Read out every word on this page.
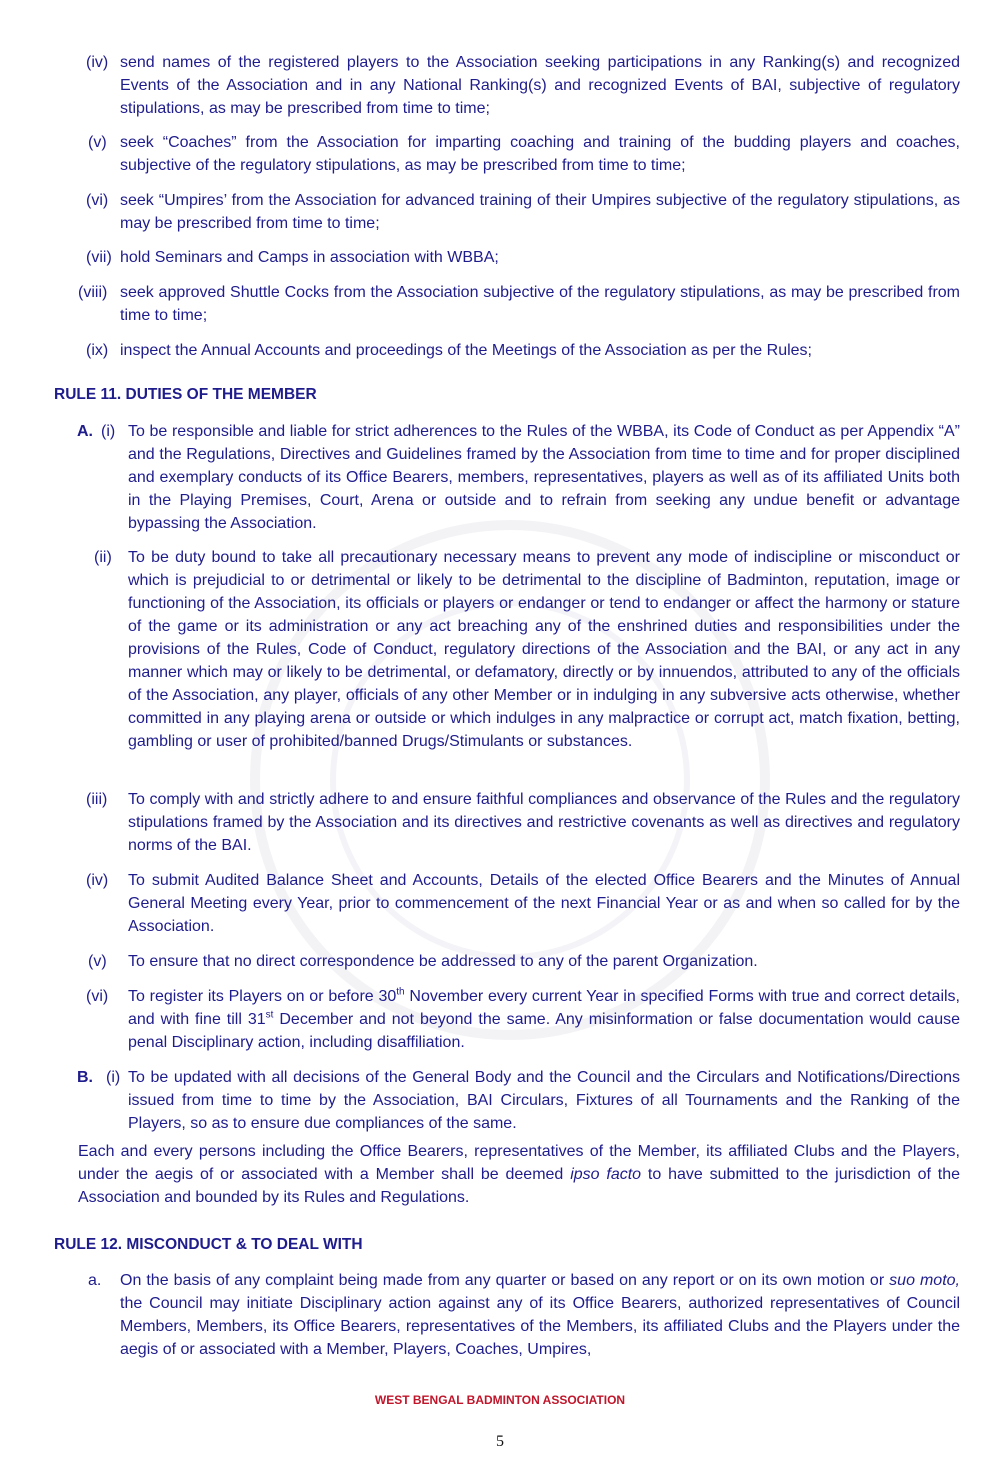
(iv) send names of the registered players to the Association seeking participations in any Ranking(s) and recognized Events of the Association and in any National Ranking(s) and recognized Events of BAI, subjective of regulatory stipulations, as may be prescribed from time to time;
(v) seek “Coaches” from the Association for imparting coaching and training of the budding players and coaches, subjective of the regulatory stipulations, as may be prescribed from time to time;
(vi) seek “Umpires’ from the Association for advanced training of their Umpires subjective of the regulatory stipulations, as may be prescribed from time to time;
(vii) hold Seminars and Camps in association with WBBA;
(viii) seek approved Shuttle Cocks from the Association subjective of the regulatory stipulations, as may be prescribed from time to time;
(ix) inspect the Annual Accounts and proceedings of the Meetings of the Association as per the Rules;
RULE 11. DUTIES OF THE MEMBER
A. (i) To be responsible and liable for strict adherences to the Rules of the WBBA, its Code of Conduct as per Appendix “A” and the Regulations, Directives and Guidelines framed by the Association from time to time and for proper disciplined and exemplary conducts of its Office Bearers, members, representatives, players as well as of its affiliated Units both in the Playing Premises, Court, Arena or outside and to refrain from seeking any undue benefit or advantage bypassing the Association.
(ii) To be duty bound to take all precautionary necessary means to prevent any mode of indiscipline or misconduct or which is prejudicial to or detrimental or likely to be detrimental to the discipline of Badminton, reputation, image or functioning of the Association, its officials or players or endanger or tend to endanger or affect the harmony or stature of the game or its administration or any act breaching any of the enshrined duties and responsibilities under the provisions of the Rules, Code of Conduct, regulatory directions of the Association and the BAI, or any act in any manner which may or likely to be detrimental, or defamatory, directly or by innuendos, attributed to any of the officials of the Association, any player, officials of any other Member or in indulging in any subversive acts otherwise, whether committed in any playing arena or outside or which indulges in any malpractice or corrupt act, match fixation, betting, gambling or user of prohibited/banned Drugs/Stimulants or substances.
(iii) To comply with and strictly adhere to and ensure faithful compliances and observance of the Rules and the regulatory stipulations framed by the Association and its directives and restrictive covenants as well as directives and regulatory norms of the BAI.
(iv) To submit Audited Balance Sheet and Accounts, Details of the elected Office Bearers and the Minutes of Annual General Meeting every Year, prior to commencement of the next Financial Year or as and when so called for by the Association.
(v) To ensure that no direct correspondence be addressed to any of the parent Organization.
(vi) To register its Players on or before 30th November every current Year in specified Forms with true and correct details, and with fine till 31st December and not beyond the same. Any misinformation or false documentation would cause penal Disciplinary action, including disaffiliation.
B. (i) To be updated with all decisions of the General Body and the Council and the Circulars and Notifications/Directions issued from time to time by the Association, BAI Circulars, Fixtures of all Tournaments and the Ranking of the Players, so as to ensure due compliances of the same.
Each and every persons including the Office Bearers, representatives of the Member, its affiliated Clubs and the Players, under the aegis of or associated with a Member shall be deemed ipso facto to have submitted to the jurisdiction of the Association and bounded by its Rules and Regulations.
RULE 12. MISCONDUCT & TO DEAL WITH
a. On the basis of any complaint being made from any quarter or based on any report or on its own motion or suo moto, the Council may initiate Disciplinary action against any of its Office Bearers, authorized representatives of Council Members, Members, its Office Bearers, representatives of the Members, its affiliated Clubs and the Players under the aegis of or associated with a Member, Players, Coaches, Umpires,
WEST BENGAL BADMINTON ASSOCIATION
5
